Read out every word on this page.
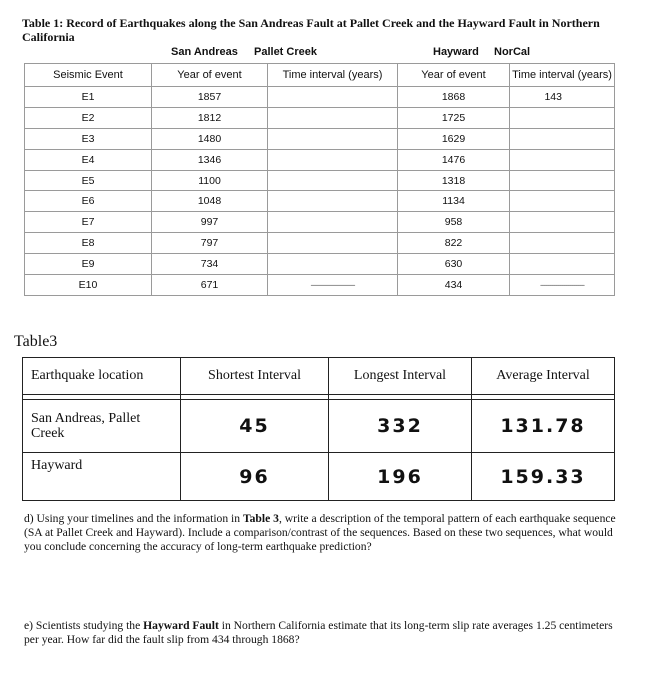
Table 1: Record of Earthquakes along the San Andreas Fault at Pallet Creek and the Hayward Fault in Northern California
San Andreas Pallet Creek	Hayward NorCal
Seismic Event	Year of event	Time interval (years)	Year of event	Time interval (years)
E1	1857		1868	143
E2	1812		1725	
E3	1480		1629	
E4	1346		1476	
E5	1100		1318	
E6	1048		1134	
E7	997		958	
E8	797		822	
E9	734		630	
E10	671	----------------------	434	----------------------
Table3
Earthquake location	Shortest Interval	Longest Interval	Average Interval

San Andreas, Pallet Creek	45	332	131.78
Hayward	96	196	159.33
d) Using your timelines and the information in Table 3, write a description of the temporal pattern of each earthquake sequence (SA at Pallet Creek and Hayward). Include a comparison/contrast of the sequences. Based on these two sequences, what would you conclude concerning the accuracy of long-term earthquake prediction?
e) Scientists studying the Hayward Fault in Northern California estimate that its long-term slip rate averages 1.25 centimeters per year. How far did the fault slip from 434 through 1868?
